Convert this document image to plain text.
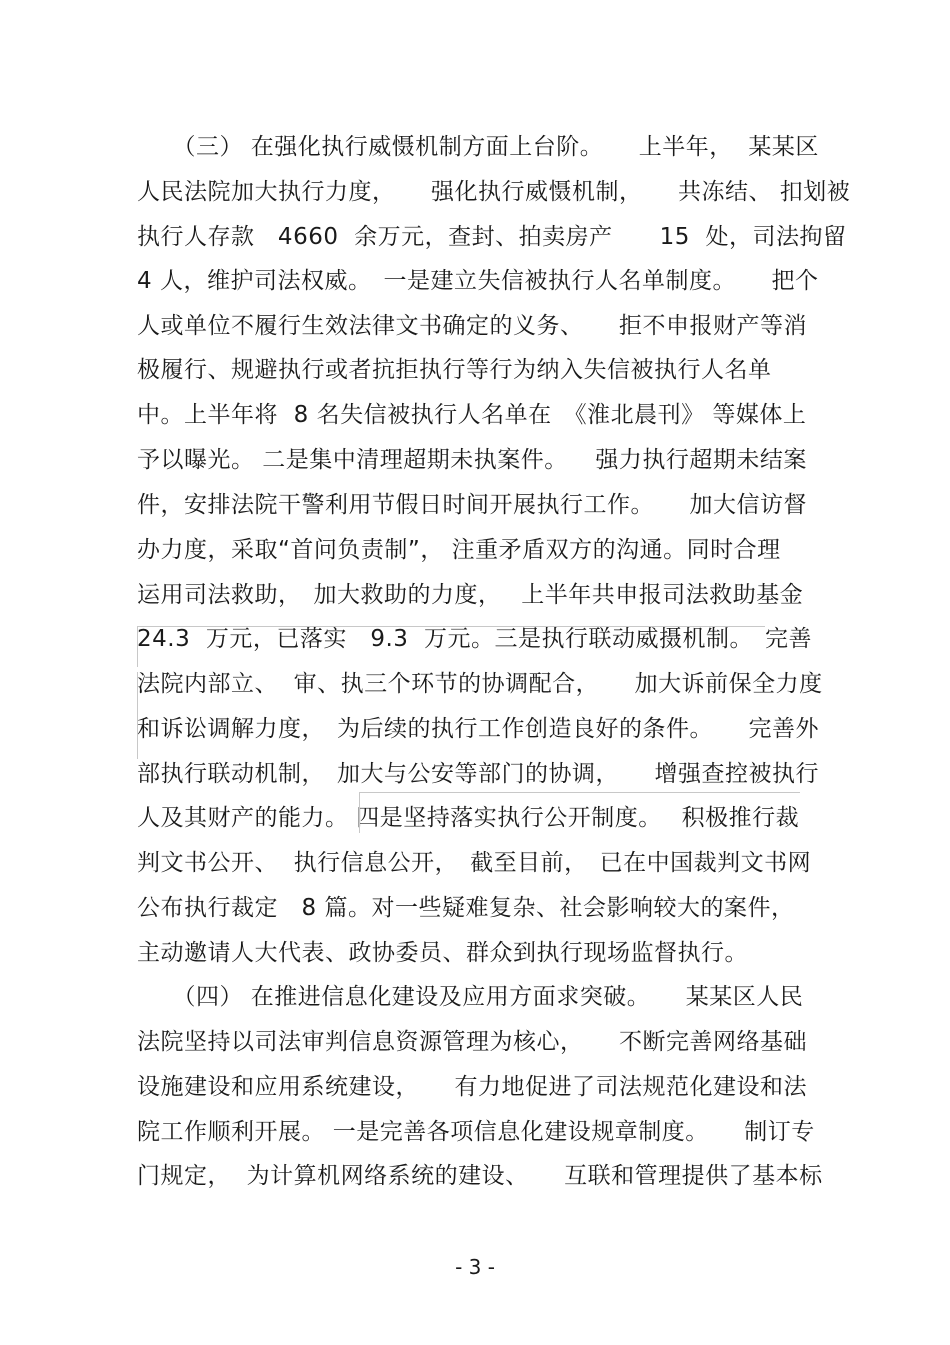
　　（三） 在强化执行威慑机制方面上台阶。　　上半年，  某某区
人民法院加大执行力度，　　强化执行威慑机制，　　共冻结、 扣划被
执行人存款   4660  余万元，查封、拍卖房产　　15  处，司法拘留
4 人，维护司法权威。　一是建立失信被执行人名单制度。　　把个
人或单位不履行生效法律文书确定的义务、　　拒不申报财产等消
极履行、规避执行或者抗拒执行等行为纳入失信被执行人名单
中。上半年将  8 名失信被执行人名单在　《淮北晨刊》 等媒体上
予以曝光。 二是集中清理超期未执案件。　  强力执行超期未结案
件，安排法院干警利用节假日时间开展执行工作。　　加大信访督
办力度，采取“首问负责制”， 注重矛盾双方的沟通。同时合理
运用司法救助，　加大救助的力度，　 上半年共申报司法救助基金
24.3  万元，已落实　9.3  万元。三是执行联动威摄机制。　完善
法院内部立、  审、执三个环节的协调配合，　　加大诉前保全力度
和诉讼调解力度，　为后续的执行工作创造良好的条件。　　完善外
部执行联动机制，　加大与公安等部门的协调，　　增强查控被执行
人及其财产的能力。 四是坚持落实执行公开制度。　 积极推行裁
判文书公开、  执行信息公开，　截至目前，　已在中国裁判文书网
公布执行裁定　8 篇。对一些疑难复杂、社会影响较大的案件，
主动邀请人大代表、政协委员、群众到执行现场监督执行。
　　（四） 在推进信息化建设及应用方面求突破。　　某某区人民
法院坚持以司法审判信息资源管理为核心，　　不断完善网络基础
设施建设和应用系统建设，　　有力地促进了司法规范化建设和法
院工作顺利开展。 一是完善各项信息化建设规章制度。　　制订专
门规定，  为计算机网络系统的建设、　　互联和管理提供了基本标
- 3 -
